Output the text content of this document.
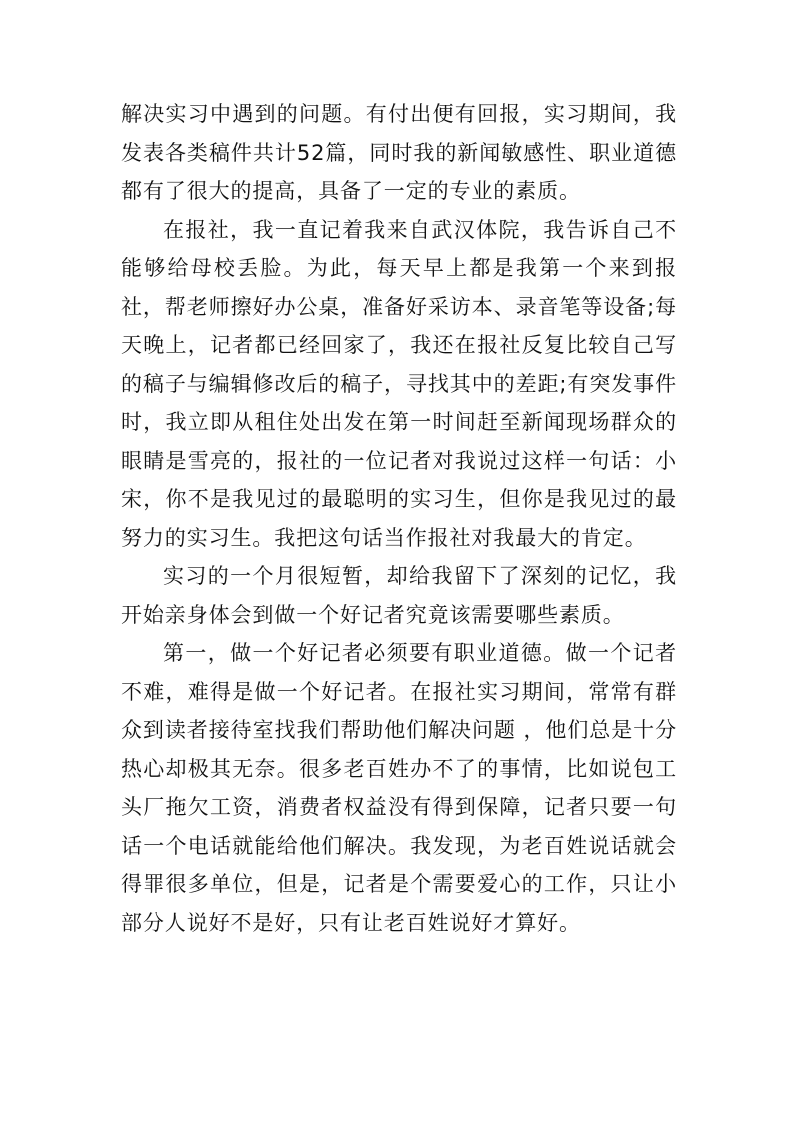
解决实习中遇到的问题。有付出便有回报，实习期间，我发表各类稿件共计52篇，同时我的新闻敏感性、职业道德都有了很大的提高，具备了一定的专业的素质。

在报社，我一直记着我来自武汉体院，我告诉自己不能够给母校丢脸。为此，每天早上都是我第一个来到报社，帮老师擦好办公桌，准备好采访本、录音笔等设备;每天晚上，记者都已经回家了，我还在报社反复比较自己写的稿子与编辑修改后的稿子，寻找其中的差距;有突发事件时，我立即从租住处出发在第一时间赶至新闻现场群众的眼睛是雪亮的，报社的一位记者对我说过这样一句话：小宋，你不是我见过的最聪明的实习生，但你是我见过的最努力的实习生。我把这句话当作报社对我最大的肯定。

实习的一个月很短暂，却给我留下了深刻的记忆，我开始亲身体会到做一个好记者究竟该需要哪些素质。

第一，做一个好记者必须要有职业道德。做一个记者不难，难得是做一个好记者。在报社实习期间，常常有群众到读者接待室找我们帮助他们解决问题 ，他们总是十分热心却极其无奈。很多老百姓办不了的事情，比如说包工头厂拖欠工资，消费者权益没有得到保障，记者只要一句话一个电话就能给他们解决。我发现，为老百姓说话就会得罪很多单位，但是，记者是个需要爱心的工作，只让小部分人说好不是好，只有让老百姓说好才算好。
